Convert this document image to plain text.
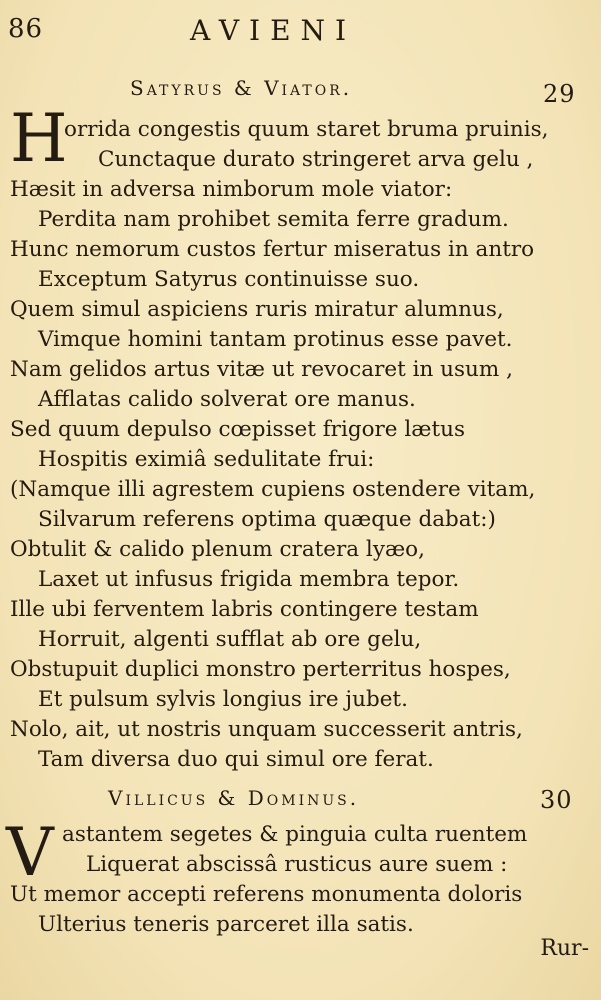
86	AVIENI
Satyrus & Viator.	29
H
orrida congestis quum staret bruma pruinis,
Cunctaque durato stringeret arva gelu ,
Hæsit in adversa nimborum mole viator:
Perdita nam prohibet semita ferre gradum.
Hunc nemorum custos fertur miseratus in antro
Exceptum Satyrus continuisse suo.
Quem simul aspiciens ruris miratur alumnus,
Vimque homini tantam protinus esse pavet.
Nam gelidos artus vitæ ut revocaret in usum ,
Afflatas calido solverat ore manus.
Sed quum depulso cœpisset frigore lætus
Hospitis eximiâ sedulitate frui:
(Namque illi agrestem cupiens ostendere vitam,
Silvarum referens optima quæque dabat:)
Obtulit & calido plenum cratera lyæo,
Laxet ut infusus frigida membra tepor.
Ille ubi ferventem labris contingere testam
Horruit, algenti sufflat ab ore gelu,
Obstupuit duplici monstro perterritus hospes,
Et pulsum sylvis longius ire jubet.
Nolo, ait, ut nostris unquam successerit antris,
Tam diversa duo qui simul ore ferat.
Villicus & Dominus.	30
V astantem segetes & pinguia culta ruentem
Liquerat abscissâ rusticus aure suem :
Ut memor accepti referens monumenta doloris
Ulterius teneris parceret illa satis.
Rur-
